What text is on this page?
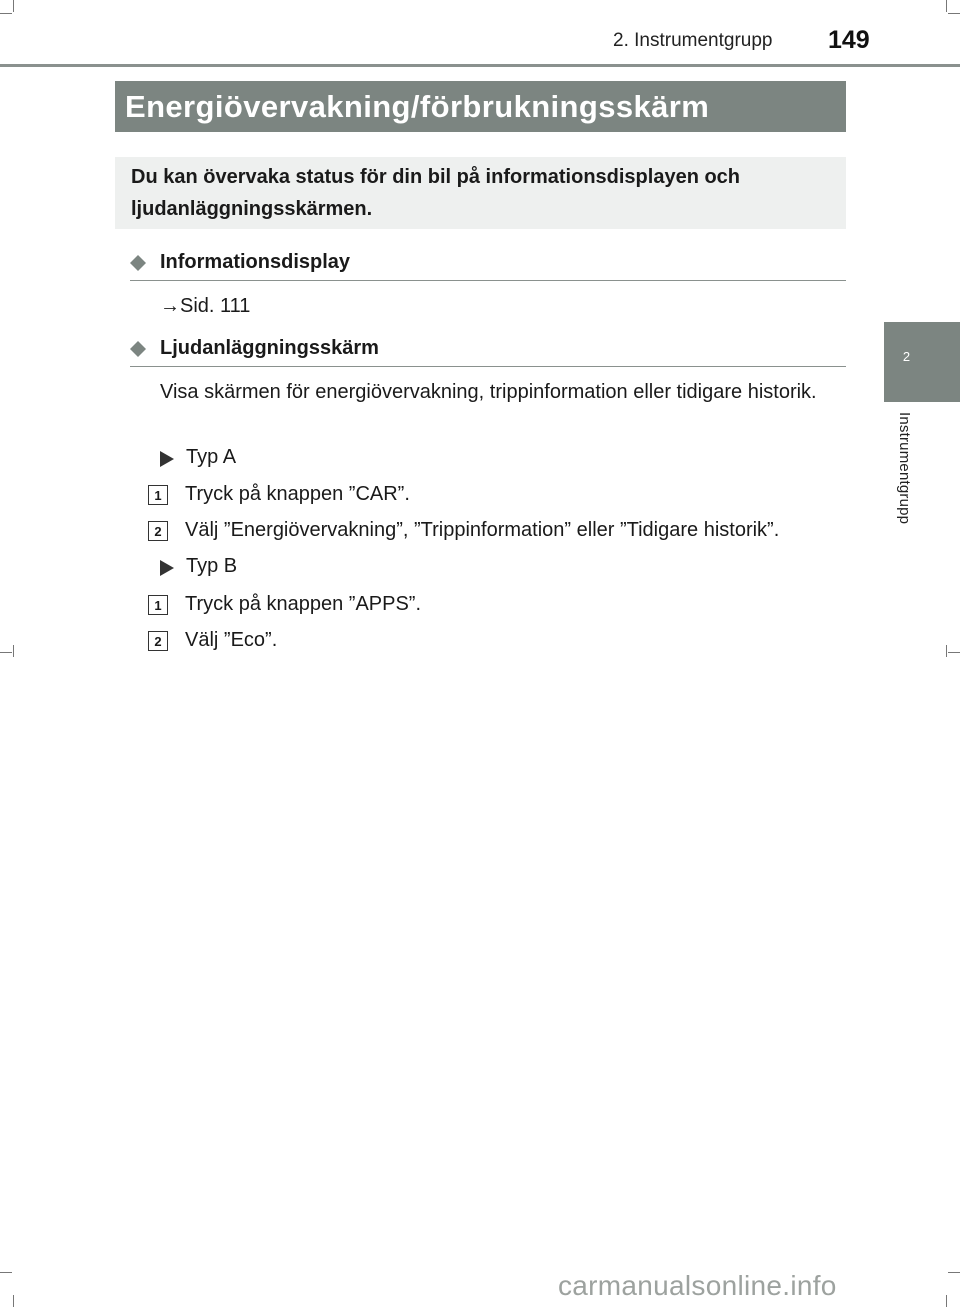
2. Instrumentgrupp 149
Energiövervakning/förbrukningsskärm

Du kan övervaka status för din bil på informationsdisplayen och ljudanläggningsskärmen.

Informationsdisplay
→Sid. 111
Ljudanläggningsskärm

Visa skärmen för energiövervakning, trippinformation eller tidigare historik.

Typ A
1	Tryck på knappen ”CAR”.
2	Välj ”Energiövervakning”, ”Trippinformation” eller ”Tidigare historik”.
Typ B
1	Tryck på knappen ”APPS”.
2	Välj ”Eco”.
2
Instrumentgrupp
carmanualsonline.info
